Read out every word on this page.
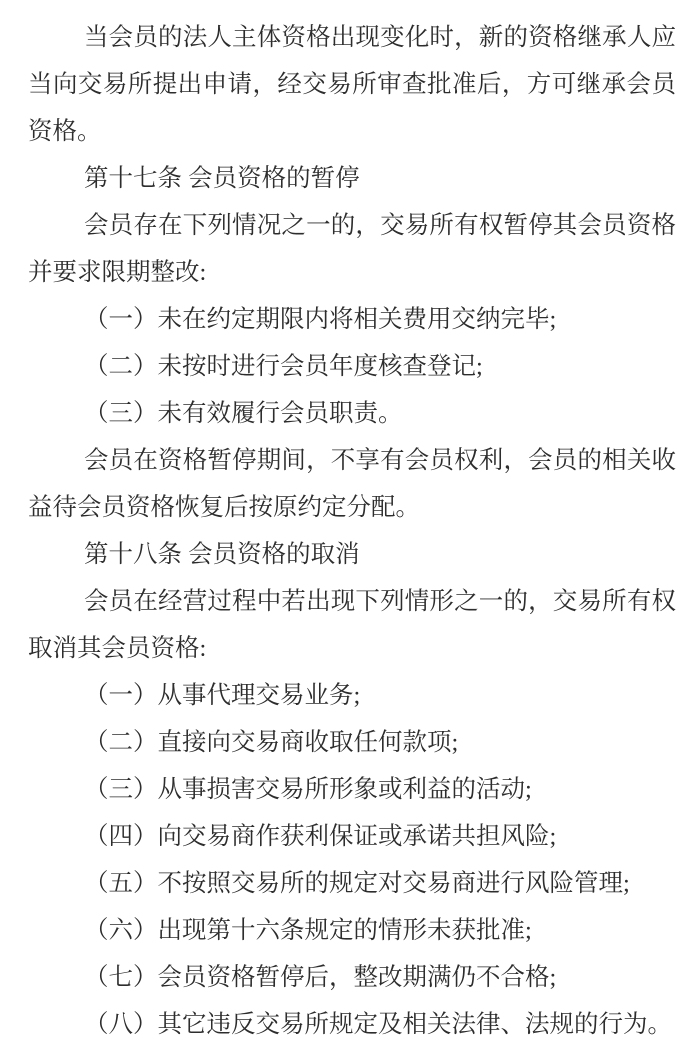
当会员的法人主体资格出现变化时，新的资格继承人应当向交易所提出申请，经交易所审查批准后，方可继承会员资格。

第十七条 会员资格的暂停

会员存在下列情况之一的，交易所有权暂停其会员资格并要求限期整改:

（一）未在约定期限内将相关费用交纳完毕;

（二）未按时进行会员年度核查登记;

（三）未有效履行会员职责。

会员在资格暂停期间，不享有会员权利，会员的相关收益待会员资格恢复后按原约定分配。

第十八条 会员资格的取消

会员在经营过程中若出现下列情形之一的，交易所有权取消其会员资格:

（一）从事代理交易业务;

（二）直接向交易商收取任何款项;

（三）从事损害交易所形象或利益的活动;

（四）向交易商作获利保证或承诺共担风险;

（五）不按照交易所的规定对交易商进行风险管理;

（六）出现第十六条规定的情形未获批准;

（七）会员资格暂停后，整改期满仍不合格;

（八）其它违反交易所规定及相关法律、法规的行为。
